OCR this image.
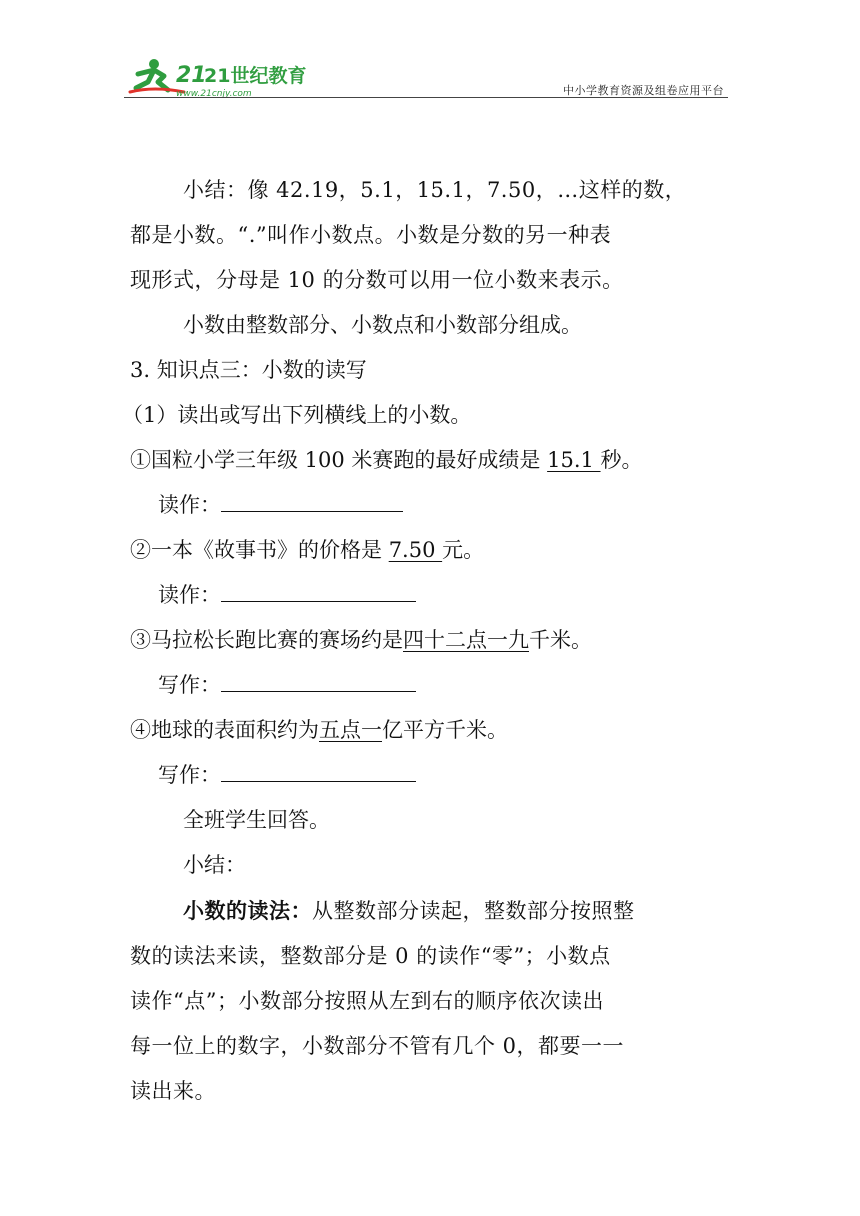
21
21世纪教育
www.21cnjy.com	中小学教育资源及组卷应用平台

小结：像 42.19，5.1，15.1，7.50，…这样的数，

都是小数。“.”叫作小数点。小数是分数的另一种表

现形式，分母是 10 的分数可以用一位小数来表示。

小数由整数部分、小数点和小数部分组成。

3. 知识点三：小数的读写

（1）读出或写出下列横线上的小数。

①国粒小学三年级 100 米赛跑的最好成绩是 15.1 秒。

读作：

②一本《故事书》的价格是 7.50 元。

读作：

③马拉松长跑比赛的赛场约是四十二点一九千米。

写作：

④地球的表面积约为五点一亿平方千米。

写作：

全班学生回答。

小结：

小数的读法：从整数部分读起，整数部分按照整

数的读法来读，整数部分是 0 的读作“零”；小数点

读作“点”；小数部分按照从左到右的顺序依次读出

每一位上的数字，小数部分不管有几个 0，都要一一

读出来。
